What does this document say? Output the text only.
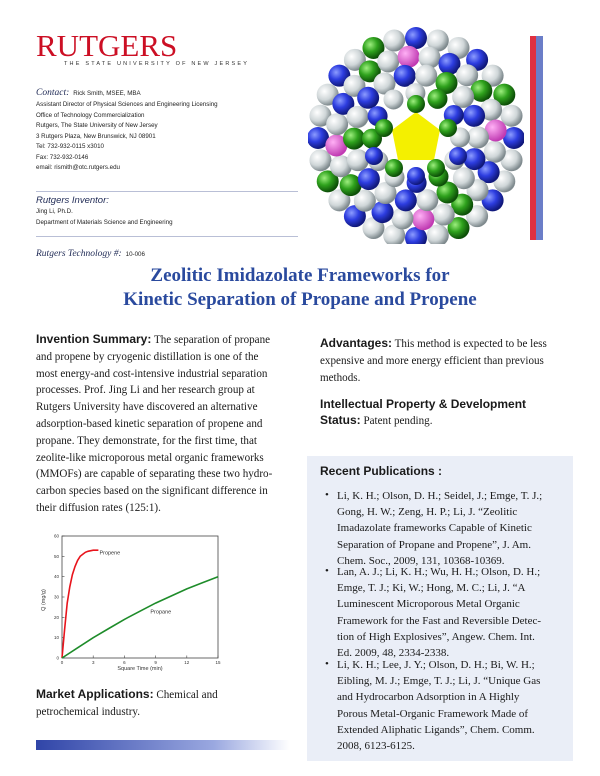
RUTGERS
THE STATE UNIVERSITY OF NEW JERSEY
Contact: Rick Smith, MSEE, MBA
Assistant Director of Physical Sciences and Engineering Licensing
Office of Technology Commercialization
Rutgers, The State University of New Jersey
3 Rutgers Plaza, New Brunswick, NJ 08901
Tel: 732-932-0115 x3010
Fax: 732-932-0146
email: rismith@otc.rutgers.edu
Rutgers Inventor:
Jing Li, Ph.D.
Department of Materials Science and Engineering
Rutgers Technology #: 10-006
Zeolitic Imidazolate Frameworks for
Kinetic Separation of Propane and Propene
Invention Summary: The separation of propane
and propene by cryogenic distillation is one of the
most energy-and cost-intensive industrial separation
processes. Prof. Jing Li and her research group at
Rutgers University have discovered an alternative
adsorption-based kinetic separation of propene and
propane. They demonstrate, for the first time, that
zeolite-like microporous metal organic frameworks
(MMOFs) are capable of separating these two hydro-
carbon species based on the significant difference in
their diffusion rates (125:1).
0	3	6	9	12	15
0
10
20
30
40
50
60
Propene
Propane
Q (mg/g)
Square Time (min)
Market Applications: Chemical and
petrochemical industry.
Advantages: This method is expected to be less
expensive and more energy efficient than previous
methods.
Intellectual Property & Development
Status: Patent pending.
Recent Publications :
• Li, K. H.; Olson, D. H.; Seidel, J.; Emge, T. J.;
Gong, H. W.; Zeng, H. P.; Li, J. “Zeolitic
Imadazolate frameworks Capable of Kinetic
Separation of Propane and Propene”, J. Am.
Chem. Soc., 2009, 131, 10368-10369.
• Lan, A. J.; Li, K. H.; Wu, H. H.; Olson, D. H.;
Emge, T. J.; Ki, W.; Hong, M. C.; Li, J. “A
Luminescent Microporous Metal Organic
Framework for the Fast and Reversible Detec-
tion of High Explosives”, Angew. Chem. Int.
Ed. 2009, 48, 2334-2338.
• Li, K. H.; Lee, J. Y.; Olson, D. H.; Bi, W. H.;
Eibling, M. J.; Emge, T. J.; Li, J. “Unique Gas
and Hydrocarbon Adsorption in A Highly
Porous Metal-Organic Framework Made of
Extended Aliphatic Ligands”, Chem. Comm.
2008, 6123-6125.
